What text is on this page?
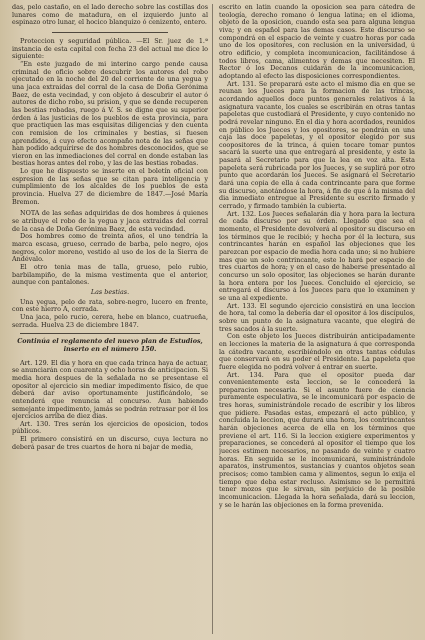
das, pelo castaño, en el lado derecho sobre las costillas dos lunares como de matadura, en el izquierdo junto al espinazo otro lunar, el hocico blanquizo ó cenizento, entero.

Proteccion y seguridad pública. —El Sr. juez de 1.ª instancia de esta capital con fecha 23 del actual me dice lo siguiente:

“En este juzgado de mi interino cargo pende causa criminal de oficio sobre descubrir los autores del robo ejecutado en la noche del 20 del corriente de una yegua y una jaca extraidas del corral de la casa de Doña Gerónima Baez, de esta vecindad, y con objeto á descubrir el autor ó autores de dicho robo, su prision, y que se dende recuperen las bestias robadas, ruego á V. S. se digne que su superior órden á las justicias de los pueblos de esta provincia, para que practiquen las mas esquisitas diligencias y den cuenta con remision de los criminales y bestias, si fuesen aprendidos, á cuyo efecto acompaño nota de las señas que han podido adquirirse de dos hombres desconocidos, que se vieron en las inmediaciones del corral en donde estaban las bestias horas antes del robo, y las de las bestias robadas.

Lo que he dispuesto se inserte en el boletín oficial con espresion de las señas que se citan para inteligencia y cumplimiento de los alcaldes de los pueblos de esta provincia. Huelva 27 de diciembre de 1847.—José María Bremon.

NOTA de las señas adquiridas de dos hombres á quienes se atribuye el robo de la yegua y jaca extraidas del corral de la casa de Doña Gerónima Baez, de esta vecindad.

Dos hombres como de treinta años, el uno tendría la marca escasa, grueso, cerrado de barba, pelo negro, ojos negros, color moreno, vestido al uso de los de la Sierra de Andévalo.

El otro tenia mas de talla, grueso, pelo rubio, barbilampiño, de la misma vestimenta que el anterior, aunque con pantalones.

Las bestias.

Una yegua, pelo de rata, sobre-negro, lucero en frente, con este hierro A, cerrada.

Una jaca, pelo rucio, cerera, hebe en blanco, cuatrueña, serrada. Huelva 23 de diciembre 1847.

Continúa el reglamento del nuevo plan de Estudios, inserto en el número 150.

Art. 129. El dia y hora en que cada trinca haya de actuar, se anunciarán con cuarenta y ocho horas de anticipacion. Si media hora despues de la señalada no se presentase el opositor al ejercicio sin mediar impedimento físico, de que deberá dar aviso oportunamente justificándolo, se entenderá que renuncia al concurso. Aun habiendo semejante impedimento, jamás se podrán retrasar por él los ejercicios arriba de diez dias.

Art. 130. Tres serán los ejercicios de oposicion, todos públicos.

El primero consistirá en un discurso, cuya lectura no deberá pasar de tres cuartos de hora ni bajar de media,

escrito en latin cuando la oposicion sea para cátedra de teología, derecho romano ó lengua latina; en el idioma, objeto de la oposicion, cuando esta sea para alguna lengua viva; y en español para las demas casos. Este discurso se compondrá en el espacio de veinte y cuatro horas por cada uno de los opositores, con reclusion en la universidad, ú otro edificio, y completa incomunicacion, facilitándose á todos libros, cama, alimentos y demas que necesiten. El Rector ó los Decanos cuidarán de la incomunicacion, adoptando al efecto las disposiciones correspondientes.

Art. 131. Se preparará este acto el mismo dia en que se reunan los Jueces para la formacion de las trincas, acordando aquellos doce puntos generales relativos á la asignatura vacante, los cuales se escribirán en otras tantas papeletas que custodiará el Presidente, y cuyo contenido no podrá revelar ninguno. En el dia y hora acordados, reunidos en público los Jueces y los opositores, se pondrán en una caja las doce papeletas, y el opositor elegido por sus coopositores de la trinca, á quien tocare tomar puntos sacará la suerte una que entregará al presidente, y este la pasará al Secretario para que la lea en voz alta. Esta papeleta será rubricada por los Jueces, y se suplirá por otro punto que acordarán los Jueces. Se asignará el Secretario dará una copia de ella á cada contrincante para que forme su discurso, anotándose la hora, á fin de que á la misma del dia inmediato entregue al Presidente su escrito firmado y cerrado, y firmado también la cubierta.

Art. 132. Los Jueces señalarán dia y hora para la lectura de cada discurso por su órden. Llegado que sea el momento, el Presidente devolverá al opositor su discurso en los términos que le recibió; y hecha por él la lectura, sus contrincantes harán en español las objeciones que les parezcan por espacio de media hora cada uno; si no hubiere mas que un solo contrincante, este lo hará por espacio de tres cuartos de hora; y en el caso de haberse presentado al concurso un solo opositor, las objeciones se harán durante la hora entera por los Jueces. Concluido el ejercicio, se entregará el discurso á los Jueces para que lo examinen y se una al expediente.

Art. 133. El segundo ejercicio consistirá en una leccion de hora, tal como la debería dar el opositor á los discípulos, sobre un punto de la asignatura vacante, que elegirá de tres sacados á la suerte.

Con este objeto los Jueces distribuirán anticipadamente en lecciones la materia de la asignatura á que corresponda la cátedra vacante, escribiéndolo en otras tantas cédulas que conservará en su poder el Presidente. La papeleta que fuere elegida no podrá volver á entrar en suerte.

Art. 134. Para que el opositor pueda dar convenientemente esta leccion, se le concederá la preparacion necesaria. Si el asunto fuere de ciencia puramente especulativa, se le incomunicará por espacio de tres horas, suministrándole recado de escribir y los libros que pidiere. Pasadas estas, empezará el acto público, y concluida la leccion, que durará una hora, los contrincantes harán objeciones acerca de ella en los términos que previene el art. 116. Si la leccion exigiere experimentos y preparaciones, se concederá al opositor el tiempo que los jueces estimen necesarios, no pasando de veinte y cuatro horas. En seguida se le incomunicará, suministrándole aparatos, instrumentos, sustancias y cuantos objetos sean precisos; como tambien cama y alimentos, segun lo exija el tiempo que deba estar recluso. Asimismo se le permitirá tener mozos que le sirvan, sin perjuicio de la posible incomunicacion. Llegada la hora señalada, dará su leccion, y se le harán las objeciones en la forma prevenida.
